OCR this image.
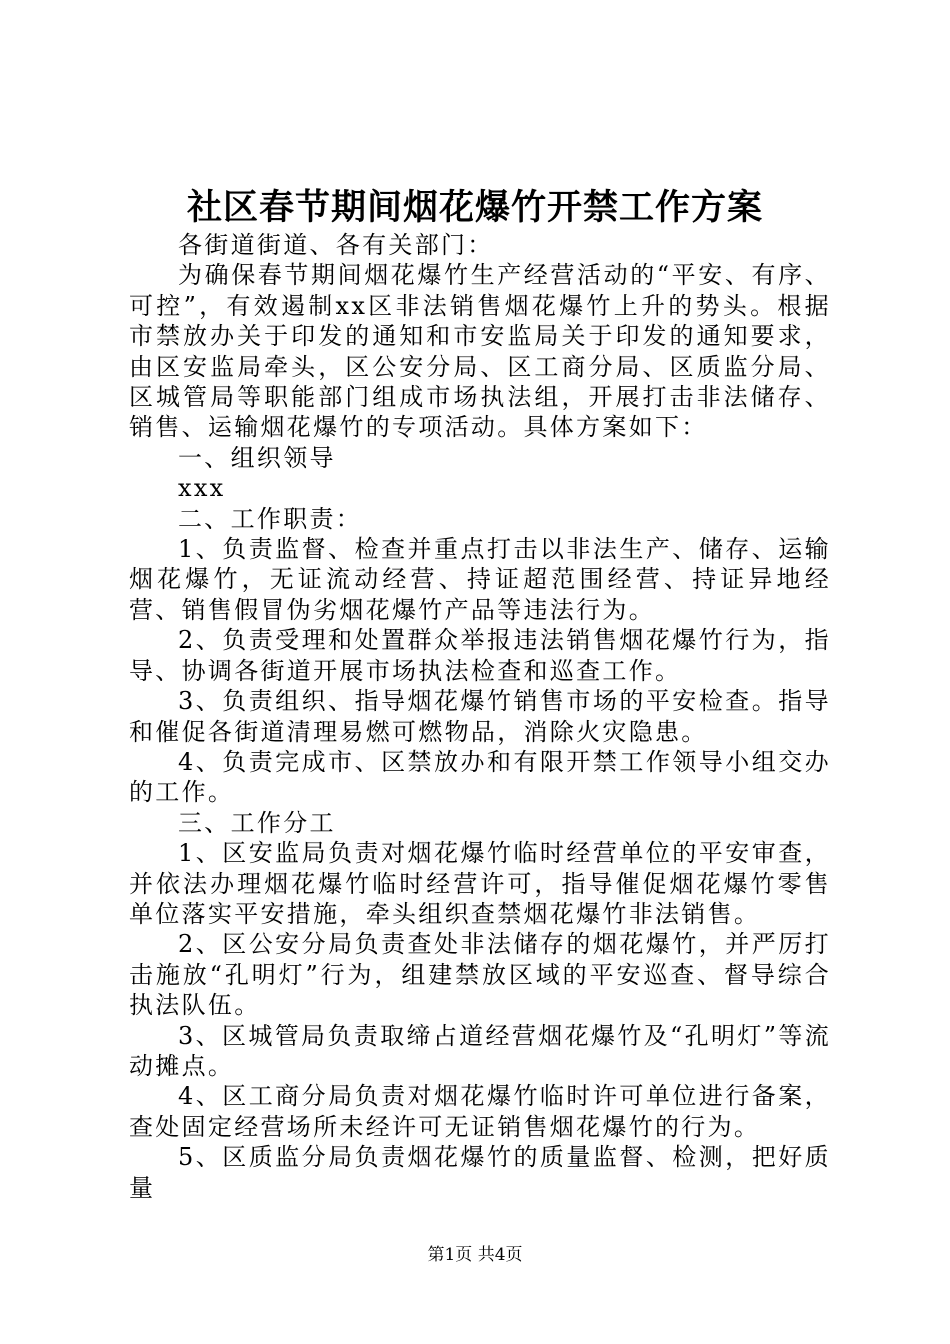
社区春节期间烟花爆竹开禁工作方案

各街道街道、各有关部门：

为确保春节期间烟花爆竹生产经营活动的“平安、有序、可控”，有效遏制xx区非法销售烟花爆竹上升的势头。根据市禁放办关于印发的通知和市安监局关于印发的通知要求，由区安监局牵头，区公安分局、区工商分局、区质监分局、区城管局等职能部门组成市场执法组，开展打击非法储存、销售、运输烟花爆竹的专项活动。具体方案如下：

一、组织领导

xxx

二、工作职责：

1、负责监督、检查并重点打击以非法生产、储存、运输烟花爆竹，无证流动经营、持证超范围经营、持证异地经营、销售假冒伪劣烟花爆竹产品等违法行为。

2、负责受理和处置群众举报违法销售烟花爆竹行为，指导、协调各街道开展市场执法检查和巡查工作。

3、负责组织、指导烟花爆竹销售市场的平安检查。指导和催促各街道清理易燃可燃物品，消除火灾隐患。

4、负责完成市、区禁放办和有限开禁工作领导小组交办的工作。

三、工作分工

1、区安监局负责对烟花爆竹临时经营单位的平安审查，并依法办理烟花爆竹临时经营许可，指导催促烟花爆竹零售单位落实平安措施，牵头组织查禁烟花爆竹非法销售。

2、区公安分局负责查处非法储存的烟花爆竹，并严厉打击施放“孔明灯”行为，组建禁放区域的平安巡查、督导综合执法队伍。

3、区城管局负责取缔占道经营烟花爆竹及“孔明灯”等流动摊点。

4、区工商分局负责对烟花爆竹临时许可单位进行备案，查处固定经营场所未经许可无证销售烟花爆竹的行为。

5、区质监分局负责烟花爆竹的质量监督、检测，把好质量

第1页 共4页
